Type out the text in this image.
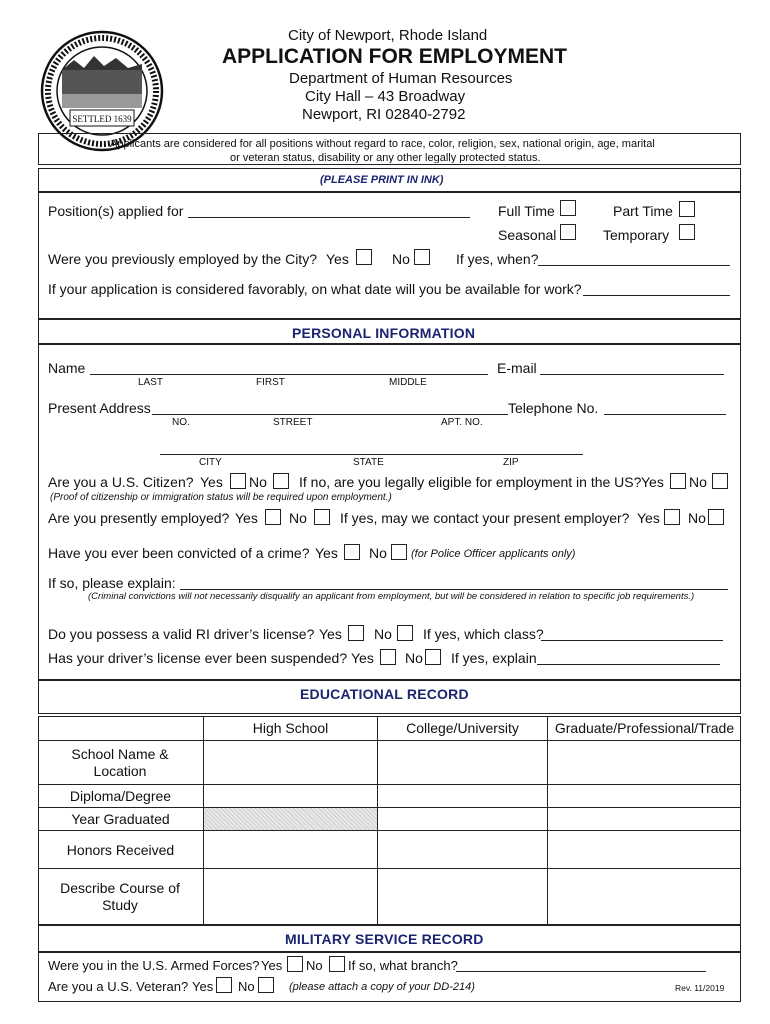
SETTLED 1639
City of Newport, Rhode Island
APPLICATION FOR EMPLOYMENT
Department of Human Resources
City Hall – 43 Broadway
Newport, RI 02840-2792
Applicants are considered for all positions without regard to race, color, religion, sex, national origin, age, marital
or veteran status, disability or any other legally protected status.
(PLEASE PRINT IN INK)
Position(s) applied for	Full Time	Part Time
Seasonal	Temporary
Were you previously employed by the City? Yes	No	If yes, when?
If your application is considered favorably, on what date will you be available for work?
PERSONAL INFORMATION
Name	E-mail
LAST	FIRST	MIDDLE
Present Address	Telephone No.
NO.	STREET	APT. NO.
CITY	STATE	ZIP
Are you a U.S. Citizen? Yes No If no, are you legally eligible for employment in the US? Yes No
(Proof of citizenship or immigration status will be required upon employment.)
Are you presently employed? Yes No If yes, may we contact your present employer? Yes No
Have you ever been convicted of a crime? Yes No (for Police Officer applicants only)
If so, please explain:
(Criminal convictions will not necessarily disqualify an applicant from employment, but will be considered in relation to specific job requirements.)
Do you possess a valid RI driver’s license? Yes No If yes, which class?
Has your driver’s license ever been suspended? Yes No If yes, explain
EDUCATIONAL RECORD
High School	College/University	Graduate/Professional/Trade
School Name & Location
Diploma/Degree
Year Graduated
Honors Received
Describe Course of Study
MILITARY SERVICE RECORD
Were you in the U.S. Armed Forces? Yes No If so, what branch?
Are you a U.S. Veteran? Yes No	(please attach a copy of your DD-214)	Rev. 11/2019
